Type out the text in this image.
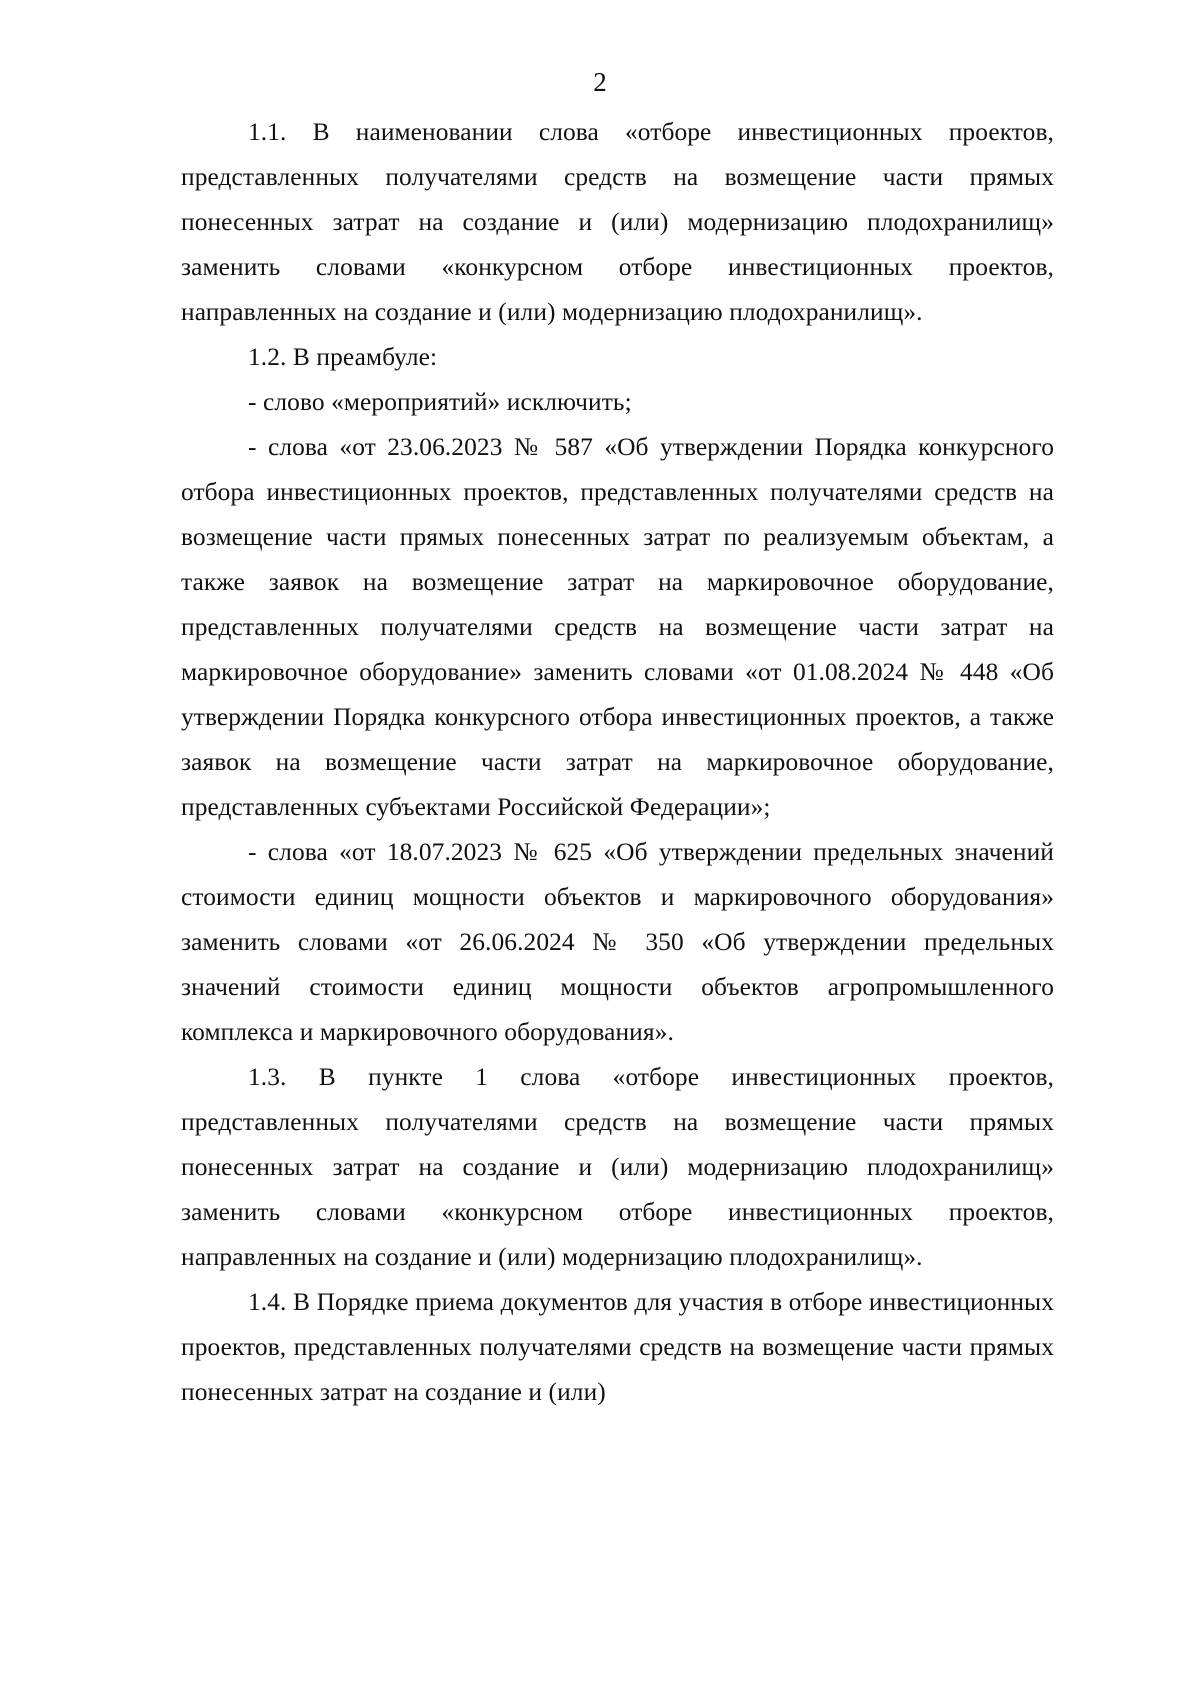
2

1.1. В наименовании слова «отборе инвестиционных проектов, представленных получателями средств на возмещение части прямых понесенных затрат на создание и (или) модернизацию плодохранилищ» заменить словами «конкурсном отборе инвестиционных проектов, направленных на создание и (или) модернизацию плодохранилищ».

1.2. В преамбуле:

- слово «мероприятий» исключить;

- слова «от 23.06.2023 № 587 «Об утверждении Порядка конкурсного отбора инвестиционных проектов, представленных получателями средств на возмещение части прямых понесенных затрат по реализуемым объектам, а также заявок на возмещение затрат на маркировочное оборудование, представленных получателями средств на возмещение части затрат на маркировочное оборудование» заменить словами «от 01.08.2024 № 448 «Об утверждении Порядка конкурсного отбора инвестиционных проектов, а также заявок на возмещение части затрат на маркировочное оборудование, представленных субъектами Российской Федерации»;

- слова «от 18.07.2023 № 625 «Об утверждении предельных значений стоимости единиц мощности объектов и маркировочного оборудования» заменить словами «от 26.06.2024 № 350 «Об утверждении предельных значений стоимости единиц мощности объектов агропромышленного комплекса и маркировочного оборудования».

1.3. В пункте 1 слова «отборе инвестиционных проектов, представленных получателями средств на возмещение части прямых понесенных затрат на создание и (или) модернизацию плодохранилищ» заменить словами «конкурсном отборе инвестиционных проектов, направленных на создание и (или) модернизацию плодохранилищ».

1.4. В Порядке приема документов для участия в отборе инвестиционных проектов, представленных получателями средств на возмещение части прямых понесенных затрат на создание и (или)
